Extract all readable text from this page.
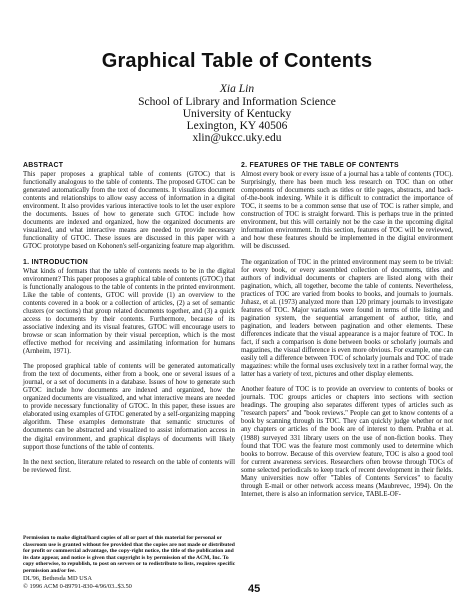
Graphical Table of Contents
Xia Lin
School of Library and Information Science
University of Kentucky
Lexington, KY 40506
xlin@ukcc.uky.edu
ABSTRACT
This paper proposes a graphical table of contents (GTOC) that is functionally analogous to the table of contents. The proposed GTOC can be generated automatically from the text of documents. It visualizes document contents and relationships to allow easy access of information in a digital environment. It also provides various interactive tools to let the user explore the documents. Issues of how to generate such GTOC include how documents are indexed and organized, how the organized documents are visualized, and what interactive means are needed to provide necessary functionality of GTOC. These issues are discussed in this paper with a GTOC prototype based on Kohonen's self-organizing feature map algorithm.
1. INTRODUCTION
What kinds of formats that the table of contents needs to be in the digital environment? This paper proposes a graphical table of contents (GTOC) that is functionally analogous to the table of contents in the printed environment. Like the table of contents, GTOC will provide (1) an overview to the contents covered in a book or a collection of articles, (2) a set of semantic clusters (or sections) that group related documents together, and (3) a quick access to documents by their contents. Furthermore, because of its associative indexing and its visual features, GTOC will encourage users to browse or scan information by their visual perception, which is the most effective method for receiving and assimilating information for humans (Arnheim, 1971).
The proposed graphical table of contents will be generated automatically from the text of documents, either from a book, one or several issues of a journal, or a set of documents in a database. Issues of how to generate such GTOC include how documents are indexed and organized, how the organized documents are visualized, and what interactive means are needed to provide necessary functionality of GTOC. In this paper, these issues are elaborated using examples of GTOC generated by a self-organizing mapping algorithm. These examples demonstrate that semantic structures of documents can be abstracted and visualized to assist information access in the digital environment, and graphical displays of documents will likely support those functions of the table of contents.
In the next section, literature related to research on the table of contents will be reviewed first.
Permission to make digital/hard copies of all or part of this material for personal or classroom use is granted without fee provided that the copies are not made or distributed for profit or commercial advantage, the copy-right notice, the title of the publication and its date appear, and notice is given that copyright is by permission of the ACM, Inc. To copy otherwise, to republish, to post on servers or to redistribute to lists, requires specific permission and/or fee.
DL'96, Bethesda MD USA
© 1996 ACM 0-89791-830-4/96/03..$3.50
2. FEATURES OF THE TABLE OF CONTENTS
Almost every book or every issue of a journal has a table of contents (TOC). Surprisingly, there has been much less research on TOC than on other components of documents such as titles or title pages, abstracts, and back-of-the-book indexing. While it is difficult to contradict the importance of TOC, it seems to be a common sense that use of TOC is rather simple, and construction of TOC is straight forward. This is perhaps true in the printed environment, but this will certainly not be the case in the upcoming digital information environment. In this section, features of TOC will be reviewed, and how these features should be implemented in the digital environment will be discussed.
The organization of TOC in the printed environment may seem to be trivial: for every book, or every assembled collection of documents, titles and authors of individual documents or chapters are listed along with their pagination, which, all together, become the table of contents. Nevertheless, practices of TOC are varied from books to books, and journals to journals. Juhasz, et al. (1973) analyzed more than 120 primary journals to investigate features of TOC. Major variations were found in terms of title listing and pagination system, the sequential arrangement of author, title, and pagination, and leaders between pagination and other elements. These differences indicate that the visual appearance is a major feature of TOC. In fact, if such a comparison is done between books or scholarly journals and magazines, the visual difference is even more obvious. For example, one can easily tell a difference between TOC of scholarly journals and TOC of trade magazines: while the formal uses exclusively text in a rather formal way, the latter has a variety of text, pictures and other display elements.
Another feature of TOC is to provide an overview to contents of books or journals. TOC groups articles or chapters into sections with section headings. The grouping also separates different types of articles such as "research papers" and "book reviews." People can get to know contents of a book by scanning through its TOC. They can quickly judge whether or not any chapters or articles of the book are of interest to them. Prabha et al. (1988) surveyed 331 library users on the use of non-fiction books. They found that TOC was the feature most commonly used to determine which books to borrow. Because of this overview feature, TOC is also a good tool for current awareness services. Researchers often browse through TOCs of some selected periodicals to keep track of recent development in their fields. Many universities now offer "Tables of Contents Services" to faculty through E-mail or other network access means (Maubrevec, 1994). On the Internet, there is also an information service, TABLE-OF-
45
